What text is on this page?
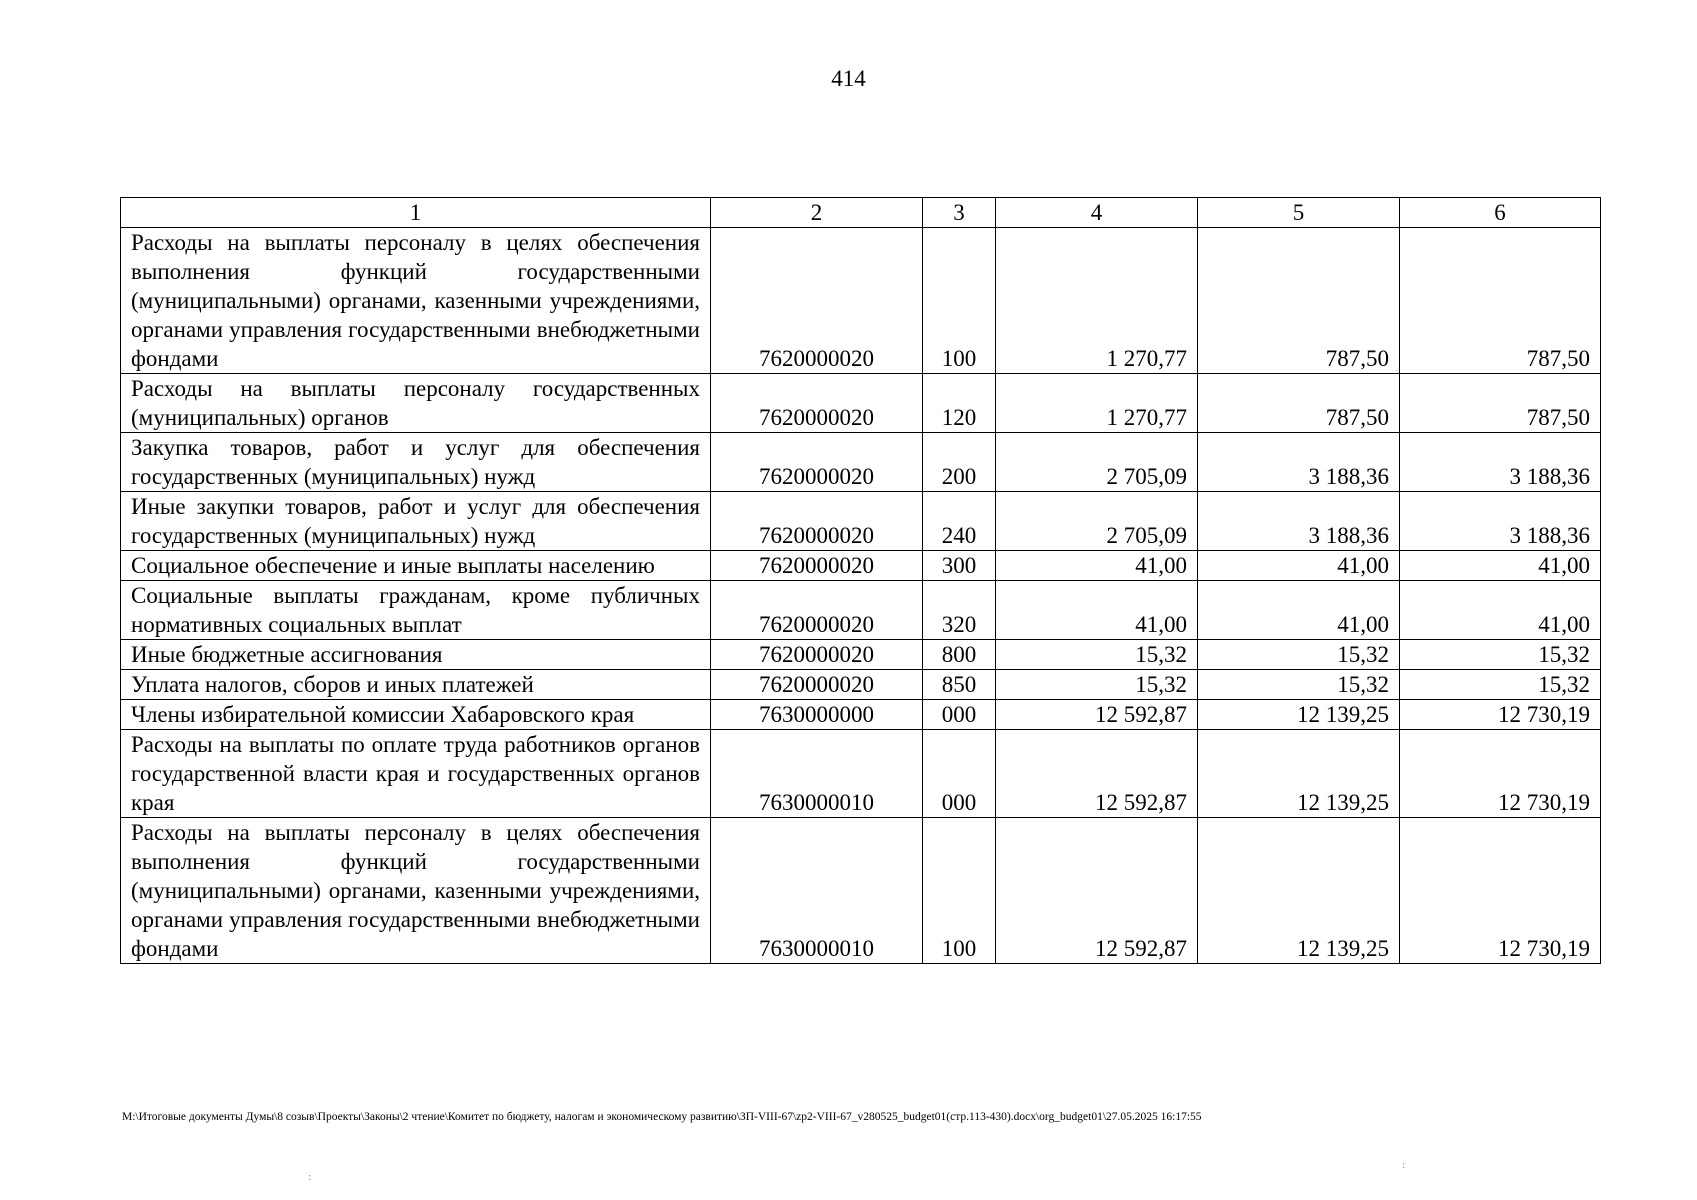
414
1	2	3	4	5	6
Расходы на выплаты персоналу в целях обеспечения выполнения функций государственными (муниципальными) органами, казенными учреждениями, органами управления государственными внебюджетными фондами	7620000020	100	1 270,77	787,50	787,50
Расходы на выплаты персоналу государственных (муниципальных) органов	7620000020	120	1 270,77	787,50	787,50
Закупка товаров, работ и услуг для обеспечения государственных (муниципальных) нужд	7620000020	200	2 705,09	3 188,36	3 188,36
Иные закупки товаров, работ и услуг для обеспечения государственных (муниципальных) нужд	7620000020	240	2 705,09	3 188,36	3 188,36
Социальное обеспечение и иные выплаты населению	7620000020	300	41,00	41,00	41,00
Социальные выплаты гражданам, кроме публичных нормативных социальных выплат	7620000020	320	41,00	41,00	41,00
Иные бюджетные ассигнования	7620000020	800	15,32	15,32	15,32
Уплата налогов, сборов и иных платежей	7620000020	850	15,32	15,32	15,32
Члены избирательной комиссии Хабаровского края	7630000000	000	12 592,87	12 139,25	12 730,19
Расходы на выплаты по оплате труда работников органов государственной власти края и государственных органов края	7630000010	000	12 592,87	12 139,25	12 730,19
Расходы на выплаты персоналу в целях обеспечения выполнения функций государственными (муниципальными) органами, казенными учреждениями, органами управления государственными внебюджетными фондами	7630000010	100	12 592,87	12 139,25	12 730,19
M:\Итоговые документы Думы\8 созыв\Проекты\Законы\2 чтение\Комитет по бюджету, налогам и экономическому развитию\ЗП-VIII-67\zp2-VIII-67_v280525_budget01(стр.113-430).docx\org_budget01\27.05.2025 16:17:55
:
:
